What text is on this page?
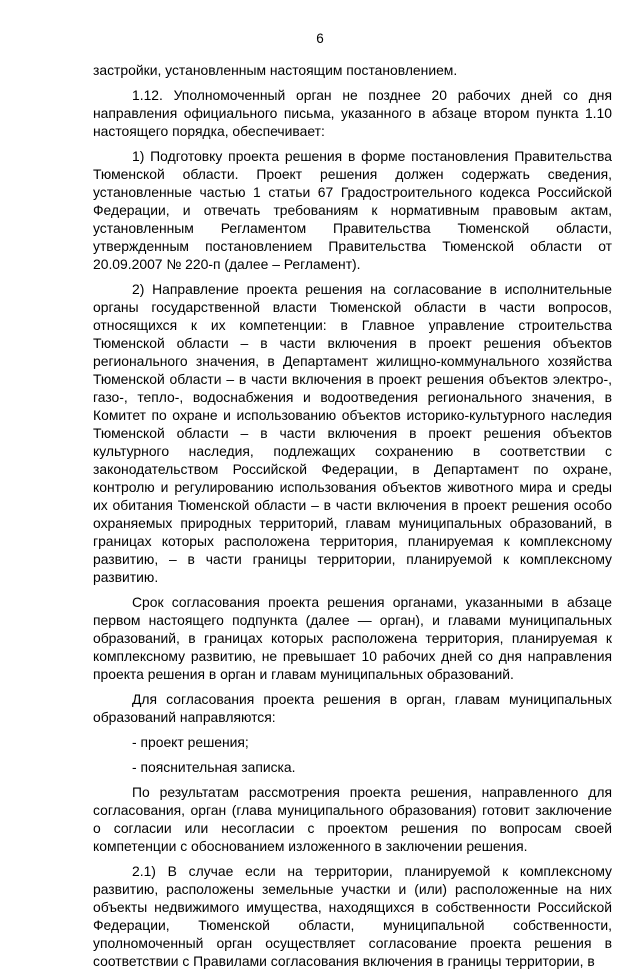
6

застройки, установленным настоящим постановлением.

1.12. Уполномоченный орган не позднее 20 рабочих дней со дня направления официального письма, указанного в абзаце втором пункта 1.10 настоящего порядка, обеспечивает:

1) Подготовку проекта решения в форме постановления Правительства Тюменской области. Проект решения должен содержать сведения, установленные частью 1 статьи 67 Градостроительного кодекса Российской Федерации, и отвечать требованиям к нормативным правовым актам, установленным Регламентом Правительства Тюменской области, утвержденным постановлением Правительства Тюменской области от 20.09.2007 № 220-п (далее – Регламент).

2) Направление проекта решения на согласование в исполнительные органы государственной власти Тюменской области в части вопросов, относящихся к их компетенции: в Главное управление строительства Тюменской области – в части включения в проект решения объектов регионального значения, в Департамент жилищно-коммунального хозяйства Тюменской области – в части включения в проект решения объектов электро-, газо-, тепло-, водоснабжения и водоотведения регионального значения, в Комитет по охране и использованию объектов историко-культурного наследия Тюменской области – в части включения в проект решения объектов культурного наследия, подлежащих сохранению в соответствии с законодательством Российской Федерации, в Департамент по охране, контролю и регулированию использования объектов животного мира и среды их обитания Тюменской области – в части включения в проект решения особо охраняемых природных территорий, главам муниципальных образований, в границах которых расположена территория, планируемая к комплексному развитию, – в части границы территории, планируемой к комплексному развитию.

Срок согласования проекта решения органами, указанными в абзаце первом настоящего подпункта (далее — орган), и главами муниципальных образований, в границах которых расположена территория, планируемая к комплексному развитию, не превышает 10 рабочих дней со дня направления проекта решения в орган и главам муниципальных образований.

Для согласования проекта решения в орган, главам муниципальных образований направляются:

- проект решения;

- пояснительная записка.

По результатам рассмотрения проекта решения, направленного для согласования, орган (глава муниципального образования) готовит заключение о согласии или несогласии с проектом решения по вопросам своей компетенции с обоснованием изложенного в заключении решения.

2.1) В случае если на территории, планируемой к комплексному развитию, расположены земельные участки и (или) расположенные на них объекты недвижимого имущества, находящихся в собственности Российской Федерации, Тюменской области, муниципальной собственности, уполномоченный орган осуществляет согласование проекта решения в соответствии с Правилами согласования включения в границы территории, в
